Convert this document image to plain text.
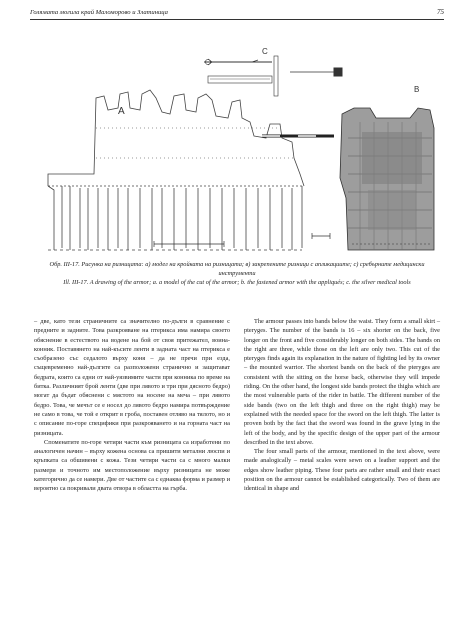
Голямата могила край Маломорово и Златиница	75
A
C
B

Обр. III-17. Рисунка на ризницата: а) модел на кройката на ризницата; в) закрепените ризници с апликациите; с) сребърните медицински инструменти

Ill. III-17. A drawing of the armor; a. a model of the cut of the armor; b. the fastened armor with the appliqués; c. the silver medical tools

– две, като тези страничните са значително по-дълги в сравнение с предните и задните. Това разкрояване на птерикса има намира своето обяснение в естеството на водене на бой от своя притежател, воина-конник. Поставянето на най-късите ленти в задната част на птерикса е съобразено със седалото върху коня – да не пречи при езда, същевременно най-дългите са разположени странично и защитават бедрата, които са едни от най-уязвимите части при конника по време на битка. Различният брой ленти (две при лявото и три при дясното бедро) могат да бъдат обяснени с мястото на носене на меча – при лявото бедро. Това, че мечът се е носел до лявото бедро намира потвърждение не само в това, че той е открит в гроба, поставен отляво на тялото, но и с описание по-горе специфики при разкрояването и на горната част на ризницата.

Споменатите по-горе четири части към ризницата са изработени по аналогичен начин – върху кожена основа са пришити метални люспи и кръпката са обшивени с кожа. Тези четири части са с много малки размери и точното им местоположение върху ризницата не може категорично да се намери. Две от частите са с еднаква форма и размер и вероятно са покривали двата отвора в областта на гърба.

The armour passes into bands below the waist. They form a small skirt – pteryges. The number of the bands is 16 – six shorter on the back, five longer on the front and five considerably longer on both sides. The bands on the right are three, while those on the left are only two. This cut of the pteryges finds again its explanation in the nature of fighting led by its owner – the mounted warrior. The shortest bands on the back of the pteryges are consistent with the sitting on the horse back, otherwise they will impede riding. On the other hand, the longest side bands protect the thighs which are the most vulnerable parts of the rider in battle. The different number of the side bands (two on the left thigh and three on the right thigh) may be explained with the needed space for the sword on the left thigh. The latter is proven both by the fact that the sword was found in the grave lying in the left of the body, and by the specific design of the upper part of the armour described in the text above.

The four small parts of the armour, mentioned in the text above, were made analogically – metal scales were sewn on a leather support and the edges show leather piping. These four parts are rather small and their exact position on the armour cannot be established categorically. Two of them are identical in shape and
